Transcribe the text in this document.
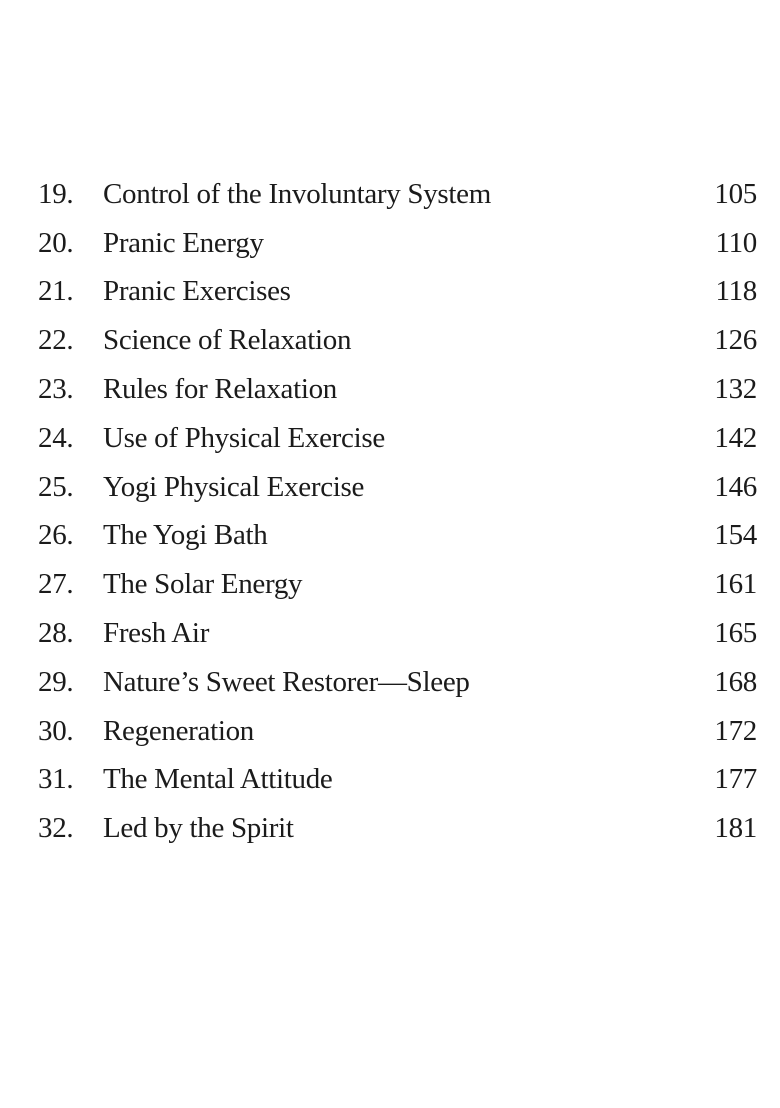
19.	Control of the Involuntary System	105
20.	Pranic Energy	110
21.	Pranic Exercises	118
22.	Science of Relaxation	126
23.	Rules for Relaxation	132
24.	Use of Physical Exercise	142
25.	Yogi Physical Exercise	146
26.	The Yogi Bath	154
27.	The Solar Energy	161
28.	Fresh Air	165
29.	Nature’s Sweet Restorer—Sleep	168
30.	Regeneration	172
31.	The Mental Attitude	177
32.	Led by the Spirit	181
